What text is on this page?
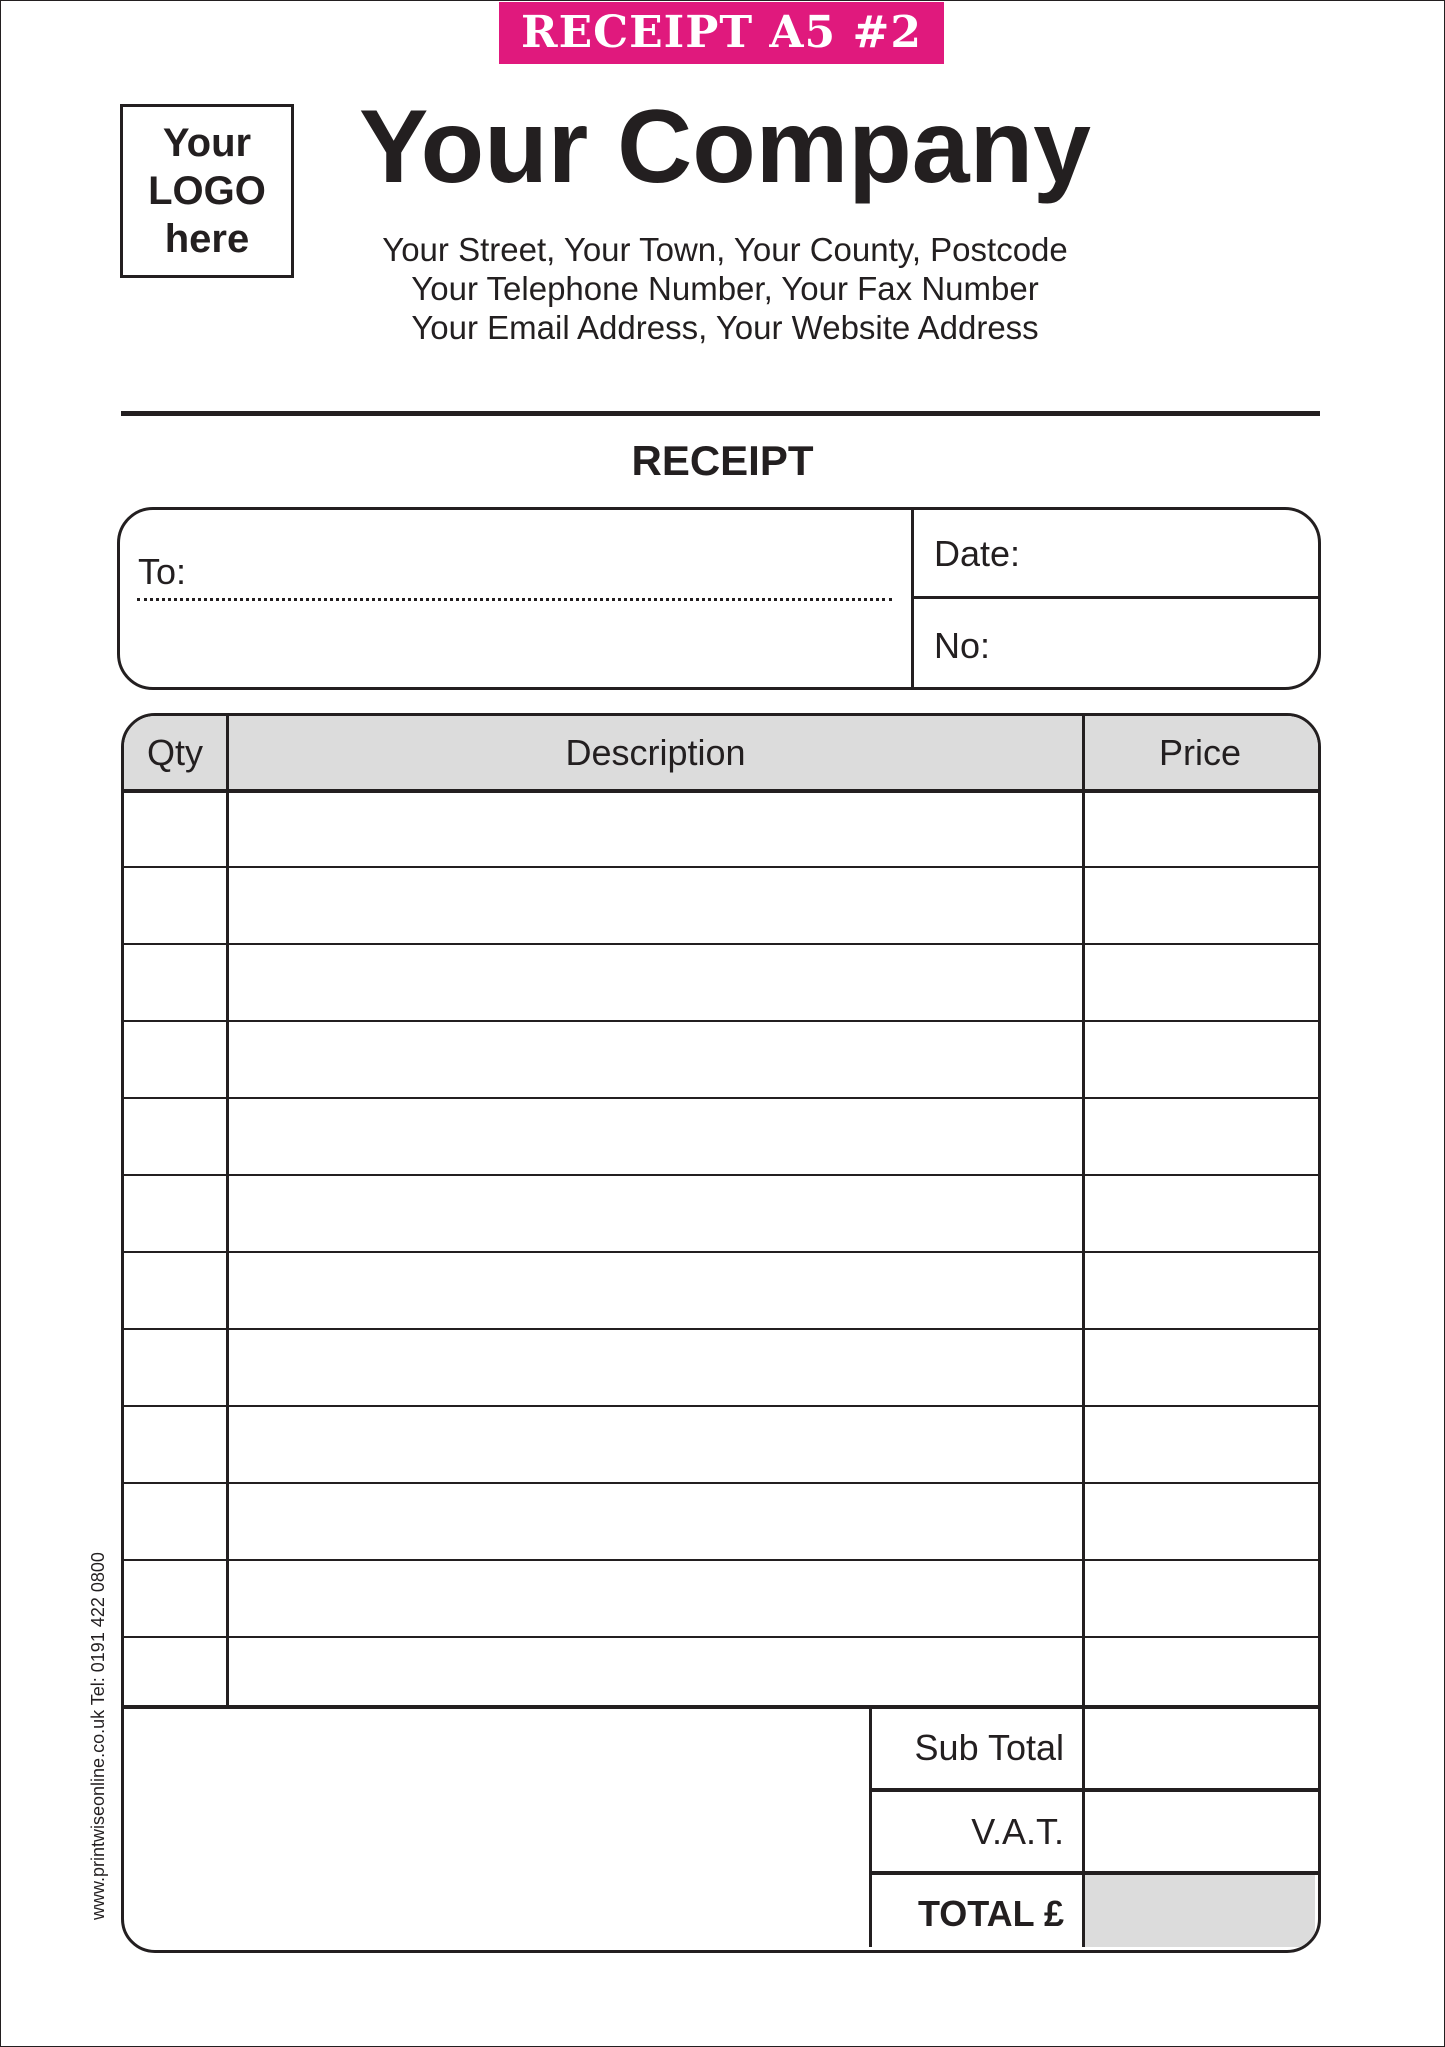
RECEIPT A5 #2
Your
LOGO
here
Your Company
Your Street, Your Town, Your County, Postcode
Your Telephone Number, Your Fax Number
Your Email Address, Your Website Address
RECEIPT
To:	Date:
No:
Qty	Description	Price
Sub Total
V.A.T.
TOTAL £
www.printwiseonline.co.uk Tel: 0191 422 0800
